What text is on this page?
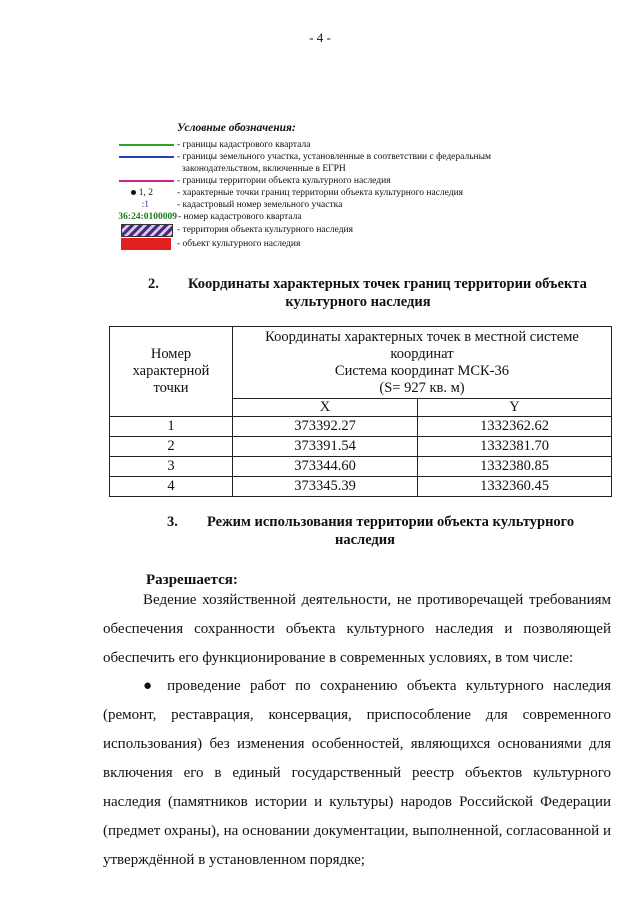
- 4 -
Условные обозначения:
- границы кадастрового квартала
- границы земельного участка, установленные в соответствии с федеральным
законодательством, включенные в ЕГРН
- границы территории объекта культурного наследия
1, 2	- характерные точки границ территории объекта культурного наследия
:1	- кадастровый номер земельного участка
36:24:0100009 - номер кадастрового квартала
- территория объекта культурного наследия
- объект культурного наследия
2. Координаты характерных точек границ территории объекта
культурного наследия
Номер
характерной
точки	Координаты характерных точек в местной системе
координат
Система координат МСК-36
(S= 927 кв. м)	
	X	Y
1	373392.27	1332362.62
2	373391.54	1332381.70
3	373344.60	1332380.85
4	373345.39	1332360.45
3. Режим использования территории объекта культурного
наследия
Разрешается:
Ведение хозяйственной деятельности, не противоречащей требованиям обеспечения сохранности объекта культурного наследия и позволяющей обеспечить его функционирование в современных условиях, в том числе:
● проведение работ по сохранению объекта культурного наследия (ремонт, реставрация, консервация, приспособление для современного использования) без изменения особенностей, являющихся основаниями для включения его в единый государственный реестр объектов культурного наследия (памятников истории и культуры) народов Российской Федерации (предмет охраны), на основании документации, выполненной, согласованной и утверждённой в установленном порядке;
